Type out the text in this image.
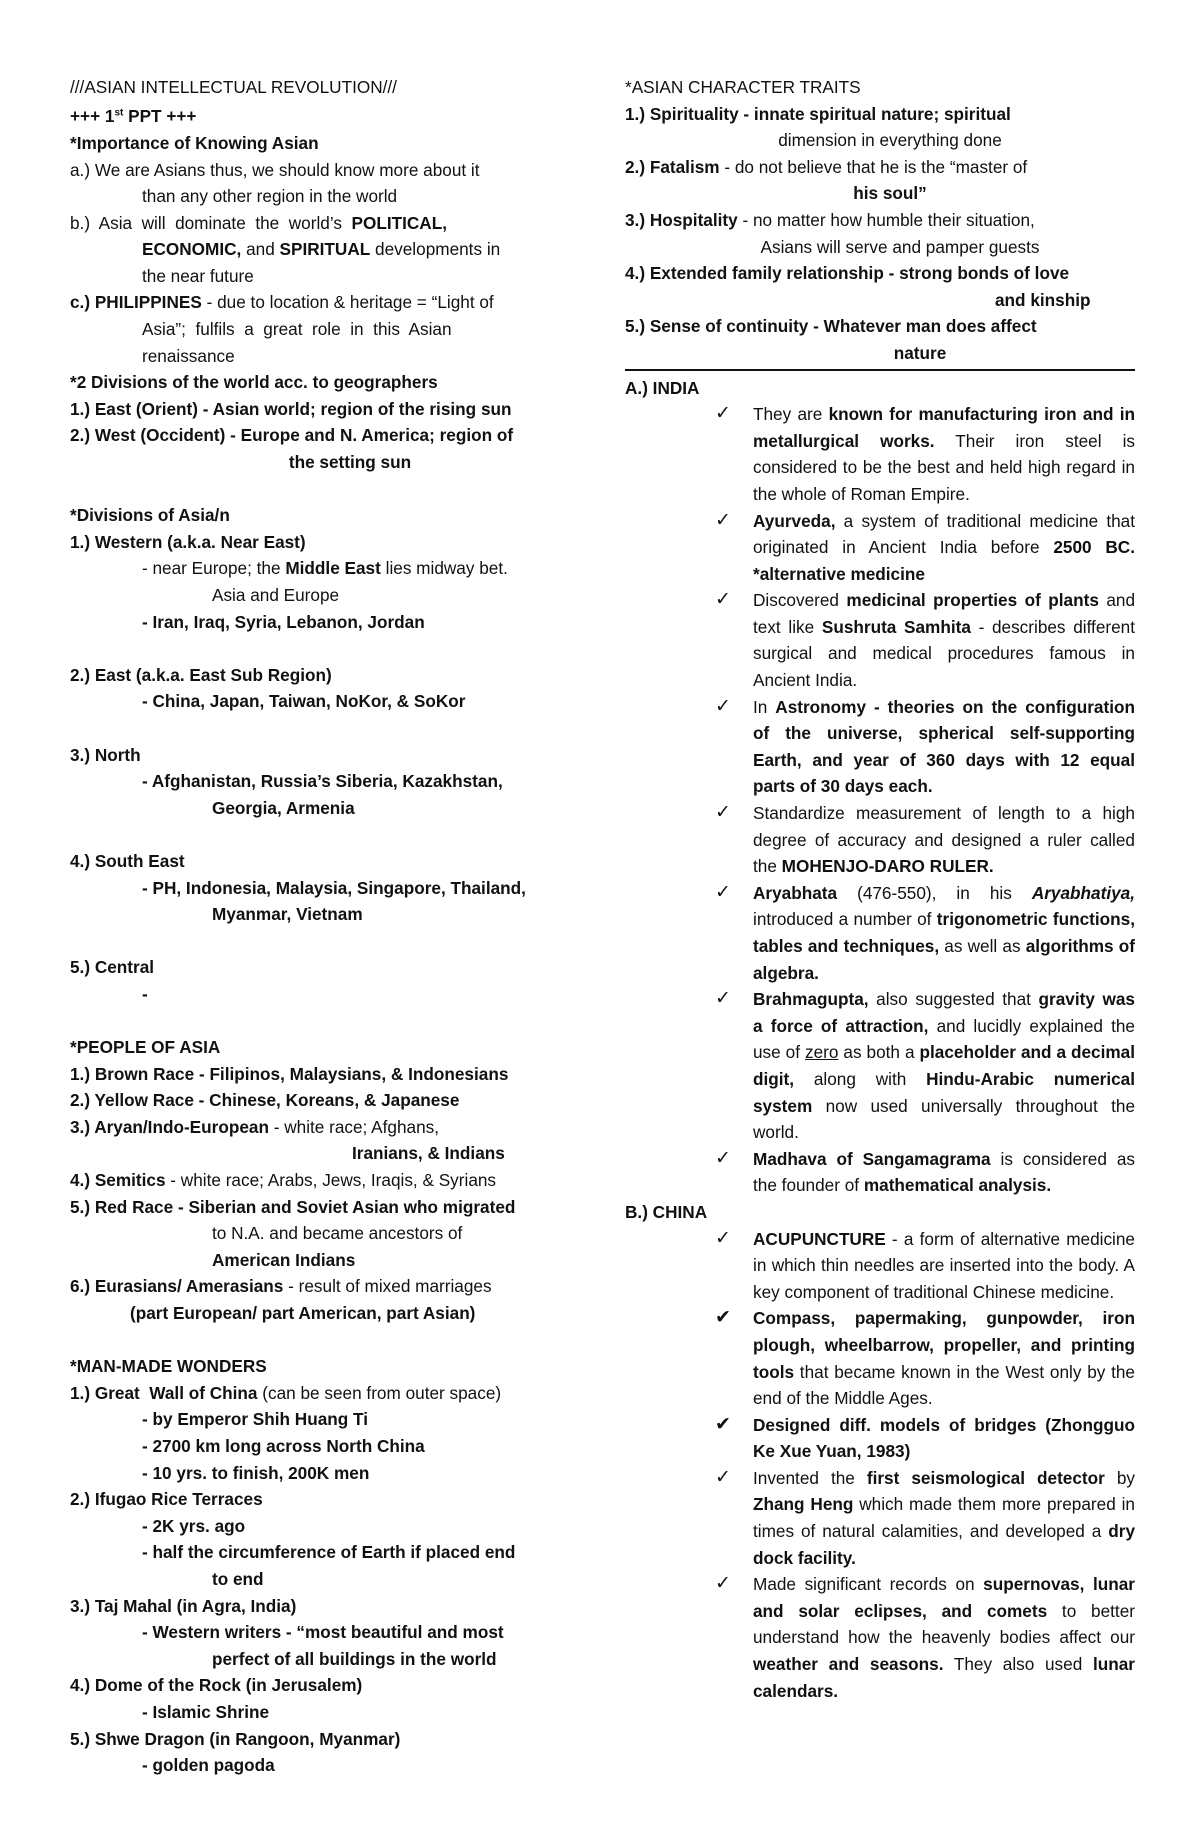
///ASIAN INTELLECTUAL REVOLUTION///
+++ 1st PPT +++
*Importance of Knowing Asian
a.) We are Asians thus, we should know more about it
than any other region in the world
b.)  Asia  will  dominate  the  world’s  POLITICAL,
ECONOMIC, and SPIRITUAL developments in
the near future
c.) PHILIPPINES - due to location & heritage = “Light of
Asia”;  fulfils  a  great  role  in  this  Asian
renaissance
*2 Divisions of the world acc. to geographers
1.) East (Orient) - Asian world; region of the rising sun
2.) West (Occident) - Europe and N. America; region of
the setting sun
*Divisions of Asia/n
1.) Western (a.k.a. Near East)
- near Europe; the Middle East lies midway bet.
Asia and Europe
- Iran, Iraq, Syria, Lebanon, Jordan
2.) East (a.k.a. East Sub Region)
- China, Japan, Taiwan, NoKor, & SoKor
3.) North
- Afghanistan, Russia’s Siberia, Kazakhstan,
Georgia, Armenia
4.) South East
- PH, Indonesia, Malaysia, Singapore, Thailand,
Myanmar, Vietnam
5.) Central
-
*PEOPLE OF ASIA
1.) Brown Race - Filipinos, Malaysians, & Indonesians
2.) Yellow Race - Chinese, Koreans, & Japanese
3.) Aryan/Indo-European - white race; Afghans,
Iranians, & Indians
4.) Semitics - white race; Arabs, Jews, Iraqis, & Syrians
5.) Red Race - Siberian and Soviet Asian who migrated
to N.A. and became ancestors of
American Indians
6.) Eurasians/ Amerasians - result of mixed marriages
(part European/ part American, part Asian)
*MAN-MADE WONDERS
1.) Great  Wall of China (can be seen from outer space)
- by Emperor Shih Huang Ti
- 2700 km long across North China
- 10 yrs. to finish, 200K men
2.) Ifugao Rice Terraces
- 2K yrs. ago
- half the circumference of Earth if placed end
to end
3.) Taj Mahal (in Agra, India)
- Western writers - “most beautiful and most
perfect of all buildings in the world
4.) Dome of the Rock (in Jerusalem)
- Islamic Shrine
5.) Shwe Dragon (in Rangoon, Myanmar)
- golden pagoda
*ASIAN CHARACTER TRAITS
1.) Spirituality - innate spiritual nature; spiritual
dimension in everything done
2.) Fatalism - do not believe that he is the “master of
his soul”
3.) Hospitality - no matter how humble their situation,
Asians will serve and pamper guests
4.) Extended family relationship - strong bonds of love
and kinship
5.) Sense of continuity - Whatever man does affect
nature
A.) INDIA
✓	They are known for manufacturing iron and in metallurgical works. Their iron steel is considered to be the best and held high regard in the whole of Roman Empire.
✓	Ayurveda, a system of traditional medicine that originated in Ancient India before 2500 BC. *alternative medicine
✓	Discovered medicinal properties of plants and text like Sushruta Samhita - describes different surgical and medical procedures famous in Ancient India.
✓	In Astronomy - theories on the configuration of the universe, spherical self-supporting Earth, and year of 360 days with 12 equal parts of 30 days each.
✓	Standardize measurement of length to a high degree of accuracy and designed a ruler called the MOHENJO-DARO RULER.
✓	Aryabhata (476-550), in his Aryabhatiya, introduced a number of trigonometric functions, tables and techniques, as well as algorithms of algebra.
✓	Brahmagupta, also suggested that gravity was a force of attraction, and lucidly explained the use of zero as both a placeholder and a decimal digit, along with Hindu-Arabic numerical system now used universally throughout the world.
✓	Madhava of Sangamagrama is considered as the founder of mathematical analysis.
B.) CHINA
✓	ACUPUNCTURE - a form of alternative medicine in which thin needles are inserted into the body. A key component of traditional Chinese medicine.
✔	Compass, papermaking, gunpowder, iron plough, wheelbarrow, propeller, and printing tools that became known in the West only by the end of the Middle Ages.
✔	Designed diff. models of bridges (Zhongguo Ke Xue Yuan, 1983)
✓	Invented the first seismological detector by Zhang Heng which made them more prepared in times of natural calamities, and developed a dry dock facility.
✓	Made significant records on supernovas, lunar and solar eclipses, and comets to better understand how the heavenly bodies affect our weather and seasons. They also used lunar calendars.
